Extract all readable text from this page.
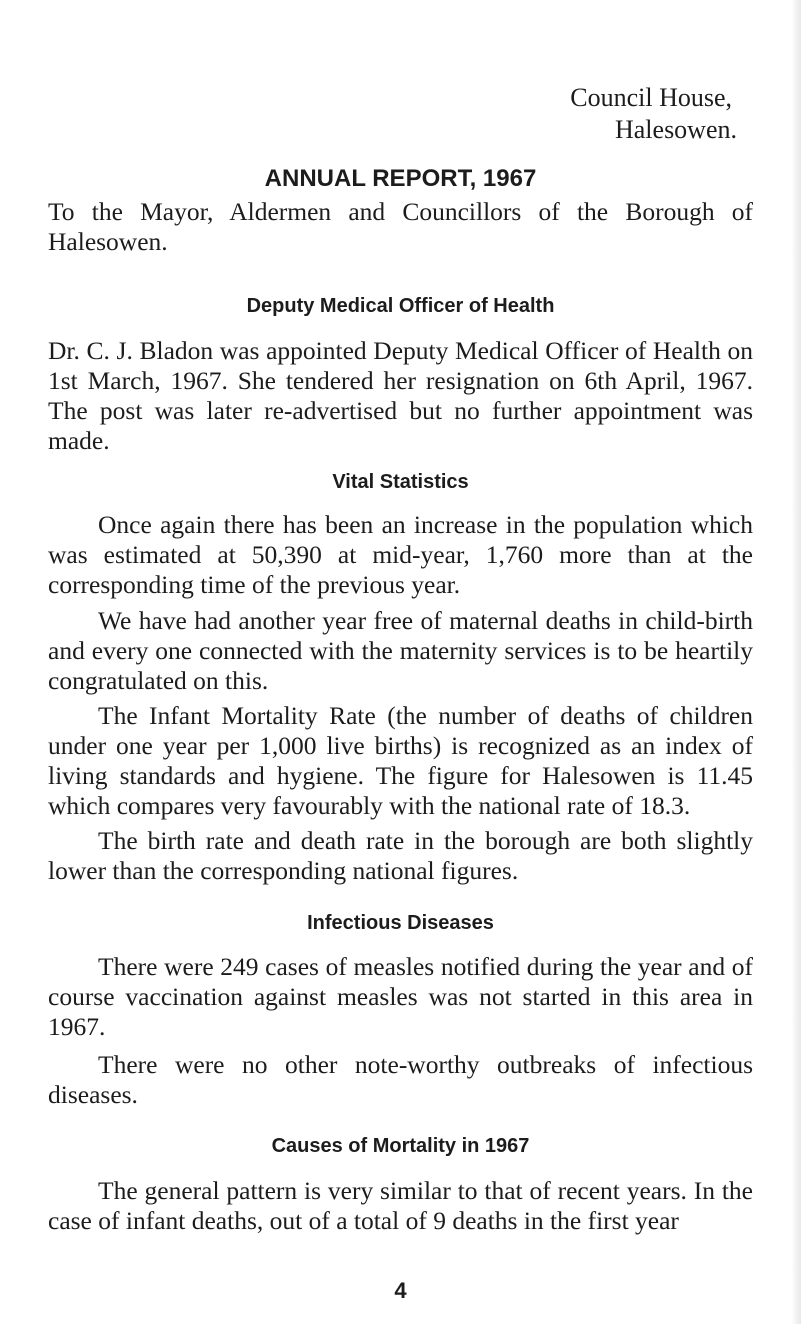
Council House,
Halesowen.
ANNUAL REPORT, 1967
To the Mayor, Aldermen and Councillors of the Borough of Halesowen.
Deputy Medical Officer of Health
Dr. C. J. Bladon was appointed Deputy Medical Officer of Health on 1st March, 1967. She tendered her resignation on 6th April, 1967. The post was later re-advertised but no further appointment was made.
Vital Statistics
Once again there has been an increase in the population which was estimated at 50,390 at mid-year, 1,760 more than at the corresponding time of the previous year.
We have had another year free of maternal deaths in child-birth and every one connected with the maternity services is to be heartily congratulated on this.
The Infant Mortality Rate (the number of deaths of children under one year per 1,000 live births) is recognized as an index of living standards and hygiene. The figure for Halesowen is 11.45 which compares very favourably with the national rate of 18.3.
The birth rate and death rate in the borough are both slightly lower than the corresponding national figures.
Infectious Diseases
There were 249 cases of measles notified during the year and of course vaccination against measles was not started in this area in 1967.
There were no other note-worthy outbreaks of infectious diseases.
Causes of Mortality in 1967
The general pattern is very similar to that of recent years. In the case of infant deaths, out of a total of 9 deaths in the first year
4
